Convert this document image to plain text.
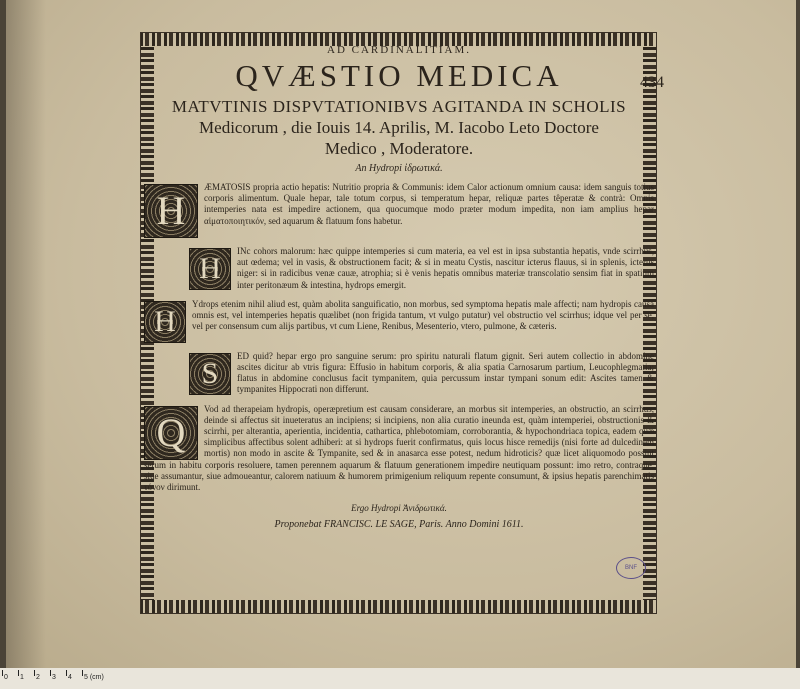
AD CARDINALITIAM.
434
QVÆSTIO MEDICA
MATVTINIS DISPVTATIONIBVS AGITANDA IN SCHOLIS
Medicorum , die Iouis 14. Aprilis, M. Iacobo Leto Doctore
Medico , Moderatore.
An Hydropi ἰδρωτικά.
H
ÆMATOSIS propria actio hepatis: Nutritio propria & Communis: idem Calor actionum omnium causa: idem sanguis totius corporis alimentum. Quale hepar, tale totum corpus, si temperatum hepar, reliquæ partes têperatæ & contrà: Omnis intemperies nata est impedire actionem, qua quocumque modo præter modum impedita, non iam amplius hepar αἱματοποιητικόν, sed aquarum & flatuum fons habetur.
H
INc cohors malorum: hæc quippe intemperies si cum materia, ea vel est in ipsa substantia hepatis, vnde scirrhus, aut œdema; vel in vasis, & obstructionem facit; & si in meatu Cystis, nascitur icterus flauus, si in splenis, icterus niger: si in radicibus venæ cauæ, atrophia; si è venis hepatis omnibus materiæ transcolatio sensim fiat in spatium inter peritonæum & intestina, hydrops emergit.
H
Ydrops etenim nihil aliud est, quàm abolita sanguificatio, non morbus, sed symptoma hepatis male affecti; nam hydropis causa omnis est, vel intemperies hepatis quælibet (non frigida tantum, vt vulgo putatur) vel obstructio vel scirrhus; idque vel per se, vel per consensum cum alijs partibus, vt cum Liene, Renibus, Mesenterio, vtero, pulmone, & cæteris.
S
ED quid? hepar ergo pro sanguine serum: pro spiritu naturali flatum gignit. Seri autem collectio in abdomine ascites dicitur ab vtris figura: Effusio in habitum corporis, & alia spatia Carnosarum partium, Leucophlegmatia; flatus in abdomine conclusus facit tympanitem, quia percussum instar tympani sonum edit: Ascites tamen & tympanites Hippocrati non differunt.
Q
Vod ad therapeiam hydropis, operæpretium est causam considerare, an morbus sit intemperies, an obstructio, an scirrhus, deinde si affectus sit inueteratus an incipiens; si incipiens, non alia curatio ineunda est, quàm intemperiei, obstructionis & scirrhi, per alterantia, aperientia, incidentia, cathartica, phlebotomiam, corroborantia, & hypochondriaca topica, eadem quæ simplicibus affectibus solent adhiberi: at si hydrops fuerit confirmatus, quis locus hisce remedijs (nisi forte ad dulcedinem mortis) non modo in ascite & Tympanite, sed & in anasarca esse potest, nedum hidroticis? quæ licet aliquomodo possint serum in habitu corporis resoluere, tamen perennem aquarum & flatuum generationem impedire neutiquam possunt: imo retro, contraque, siue assumantur, siue admoueantur, calorem natiuum & humorem primigenium reliquum repente consumunt, & ipsius hepatis parenchimatis τόνον dirimunt.
Ergo Hydropi Ἀνιδρωτικά.
Proponebat FRANCISC. LE SAGE, Paris. Anno Domini 1611.
BNF
0 1 2 3 4 5 (cm)
